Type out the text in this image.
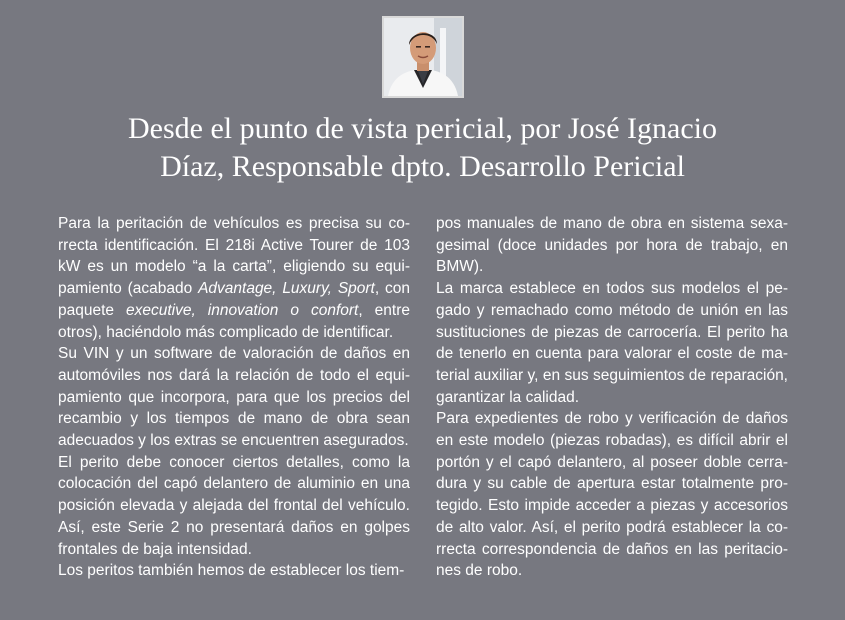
Desde el punto de vista pericial, por José Ignacio
Díaz, Responsable dpto. Desarrollo Pericial

Para la peritación de vehículos es precisa su correcta identificación. El 218i Active Tourer de 103 kW es un modelo “a la carta”, eligiendo su equipamiento (acabado Advantage, Luxury, Sport, con paquete executive, innovation o confort, entre otros), haciéndolo más complicado de identificar.

Su VIN y un software de valoración de daños en automóviles nos dará la relación de todo el equipamiento que incorpora, para que los precios del recambio y los tiempos de mano de obra sean adecuados y los extras se encuentren asegurados.

El perito debe conocer ciertos detalles, como la colocación del capó delantero de aluminio en una posición elevada y alejada del frontal del vehículo. Así, este Serie 2 no presentará daños en golpes frontales de baja intensidad.

Los peritos también hemos de establecer los tiem-

pos manuales de mano de obra en sistema sexagesimal (doce unidades por hora de trabajo, en BMW).

La marca establece en todos sus modelos el pegado y remachado como método de unión en las sustituciones de piezas de carrocería. El perito ha de tenerlo en cuenta para valorar el coste de material auxiliar y, en sus seguimientos de reparación, garantizar la calidad.

Para expedientes de robo y verificación de daños en este modelo (piezas robadas), es difícil abrir el portón y el capó delantero, al poseer doble cerradura y su cable de apertura estar totalmente protegido. Esto impide acceder a piezas y accesorios de alto valor. Así, el perito podrá establecer la correcta correspondencia de daños en las peritaciones de robo.
